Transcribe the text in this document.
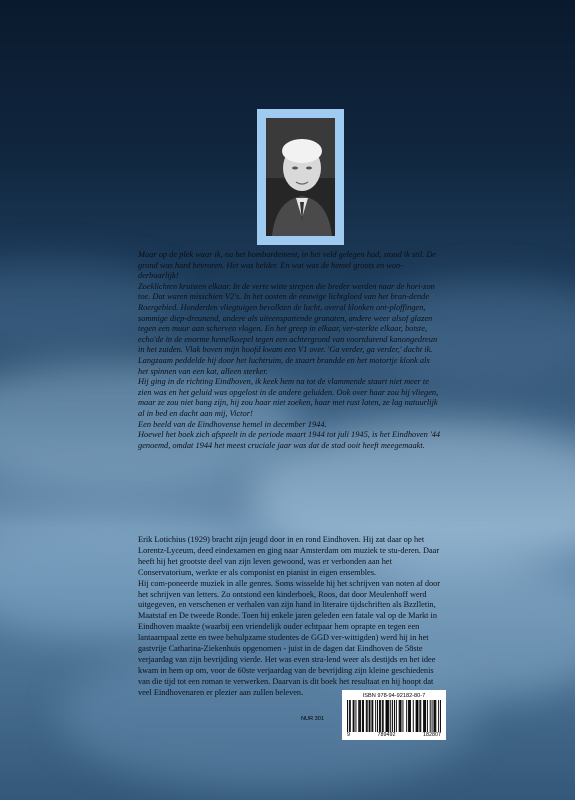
Maar op de plek waar ik, na het bombardement, in het veld gelegen had, stond ik stil. De grond was hard bevroren. Het was helder. En wat was de hemel groots en won-derbaarlijk!

Zoeklichten kruisten elkaar. In de verte witte strepen die breder werden naar de hori-zon toe. Dat waren misschien V2's. In het oosten de eeuwige lichtgloed van het bran-dende Roergebied. Honderden vliegtuigen bevolkten de lucht, overal klonken ont-ploffingen, sommige diep-dreunend, andere als uiteenspattende granaten, andere weer alsof glazen tegen een muur aan scherven vlogen. En het greep in elkaar, ver-sterkte elkaar, botste, echo'de in de enorme hemelkoepel tegen een achtergrond van voortdurend kanongedreun in het zuiden. Vlak boven mijn hoofd kwam een V1 over. 'Ga verder, ga verder,' dacht ik. Langzaam peddelde hij door het luchtruim, de staart brandde en het motortje klonk als het spinnen van een kat, alleen sterker.

Hij ging in de richting Eindhoven, ik keek hem na tot de vlammende staart niet meer te zien was en het geluid was opgelost in de andere geluiden. Ook over haar zou hij vliegen, maar ze zou niet bang zijn, hij zou haar niet zoeken, haar met rust laten, ze lag natuurlijk al in bed en dacht aan mij, Victor!

Een beeld van de Eindhovense hemel in december 1944.

Hoewel het boek zich afspeelt in de periode maart 1944 tot juli 1945, is het Eindhoven '44 genoemd, omdat 1944 het meest cruciale jaar was dat de stad ooit heeft meegemaakt.

Erik Lotichius (1929) bracht zijn jeugd door in en rond Eindhoven. Hij zat daar op het Lorentz-Lyceum, deed eindexamen en ging naar Amsterdam om muziek te stu-deren. Daar heeft hij het grootste deel van zijn leven gewoond, was er verbonden aan het Conservatorium, werkte er als componist en pianist in eigen ensembles.

Hij com-poneerde muziek in alle genres. Soms wisselde hij het schrijven van noten af door het schrijven van letters. Zo ontstond een kinderboek, Roos, dat door Meulenhoff werd uitgegeven, en verschenen er verhalen van zijn hand in literaire tijdschriften als Bzzlletin, Maatstaf en De tweede Ronde. Toen hij enkele jaren geleden een fatale val op de Markt in Eindhoven maakte (waarbij een vriendelijk ouder echtpaar hem oprapte en tegen een lantaarnpaal zette en twee behulpzame studentes de GGD ver-wittigden) werd hij in het gastvrije Catharina-Ziekenhuis opgenomen - juist in de dagen dat Eindhoven de 58ste verjaardag van zijn bevrijding vierde. Het was even stra-lend weer als destijds en het idee kwam in hem op om, voor de 60ste verjaardag van de bevrijding zijn kleine geschiedenis van die tijd tot een roman te verwerken. Daarvan is dit boek het resultaat en hij hoopt dat veel Eindhovenaren er plezier aan zullen beleven.

NUR 301
ISBN 978-94-92182-80-7
9	789492	182807
